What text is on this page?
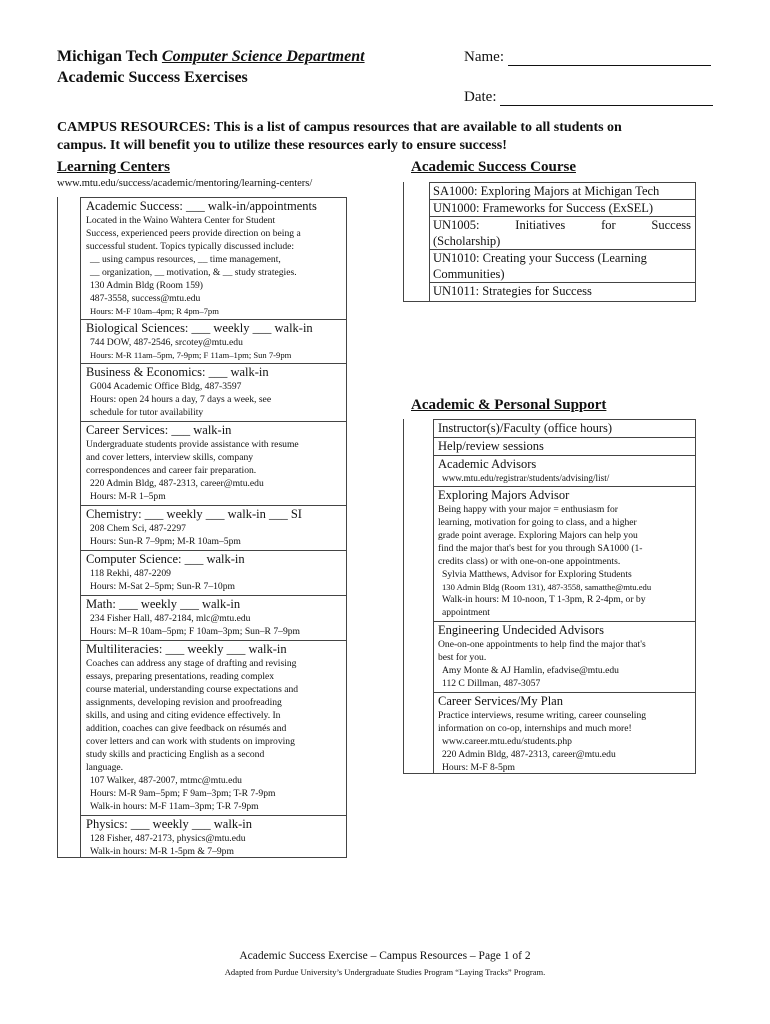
Michigan Tech Computer Science Department
Academic Success Exercises
Name:
Date:
CAMPUS RESOURCES: This is a list of campus resources that are available to all students on
campus. It will benefit you to utilize these resources early to ensure success!
Learning Centers
www.mtu.edu/success/academic/mentoring/learning-centers/
Academic Success: ___ walk-in/appointments
Located in the Waino Wahtera Center for Student
Success, experienced peers provide direction on being a
successful student. Topics typically discussed include:
__ using campus resources, __ time management,
__ organization, __ motivation, & __ study strategies.
130 Admin Bldg (Room 159)
487-3558, success@mtu.edu
Hours: M-F 10am–4pm; R 4pm–7pm
Biological Sciences: ___ weekly ___ walk-in
744 DOW, 487-2546, srcotey@mtu.edu
Hours: M-R 11am–5pm, 7-9pm; F 11am–1pm; Sun 7-9pm
Business & Economics: ___ walk-in
G004 Academic Office Bldg, 487-3597
Hours: open 24 hours a day, 7 days a week, see
schedule for tutor availability
Career Services: ___ walk-in
Undergraduate students provide assistance with resume
and cover letters, interview skills, company
correspondences and career fair preparation.
220 Admin Bldg, 487-2313, career@mtu.edu
Hours: M-R 1–5pm
Chemistry: ___ weekly ___ walk-in ___ SI
208 Chem Sci, 487-2297
Hours: Sun-R 7–9pm; M-R 10am–5pm
Computer Science: ___ walk-in
118 Rekhi, 487-2209
Hours: M-Sat 2–5pm; Sun-R 7–10pm
Math: ___ weekly ___ walk-in
234 Fisher Hall, 487-2184, mlc@mtu.edu
Hours: M–R 10am–5pm; F 10am–3pm; Sun–R 7–9pm
Multiliteracies: ___ weekly ___ walk-in
Coaches can address any stage of drafting and revising
essays, preparing presentations, reading complex
course material, understanding course expectations and
assignments, developing revision and proofreading
skills, and using and citing evidence effectively. In
addition, coaches can give feedback on résumés and
cover letters and can work with students on improving
study skills and practicing English as a second
language.
107 Walker, 487-2007, mtmc@mtu.edu
Hours: M-R 9am–5pm; F 9am–3pm; T-R 7-9pm
Walk-in hours: M-F 11am–3pm; T-R 7-9pm
Physics: ___ weekly ___ walk-in
128 Fisher, 487-2173, physics@mtu.edu
Walk-in hours: M-R 1-5pm & 7–9pm
Academic Success Course
SA1000: Exploring Majors at Michigan Tech
UN1000: Frameworks for Success (ExSEL)
UN1005: Initiatives for Success
(Scholarship)
UN1010: Creating your Success (Learning
Communities)
UN1011: Strategies for Success
Academic & Personal Support
Instructor(s)/Faculty (office hours)
Help/review sessions
Academic Advisors
www.mtu.edu/registrar/students/advising/list/
Exploring Majors Advisor
Being happy with your major = enthusiasm for
learning, motivation for going to class, and a higher
grade point average. Exploring Majors can help you
find the major that's best for you through SA1000 (1-
credits class) or with one-on-one appointments.
Sylvia Matthews, Advisor for Exploring Students
130 Admin Bldg (Room 131), 487-3558, samatthe@mtu.edu
Walk-in hours: M 10-noon, T 1-3pm, R 2-4pm, or by
appointment
Engineering Undecided Advisors
One-on-one appointments to help find the major that's
best for you.
Amy Monte & AJ Hamlin, efadvise@mtu.edu
112 C Dillman, 487-3057
Career Services/My Plan
Practice interviews, resume writing, career counseling
information on co-op, internships and much more!
www.career.mtu.edu/students.php
220 Admin Bldg, 487-2313, career@mtu.edu
Hours: M-F 8-5pm
Academic Success Exercise – Campus Resources – Page 1 of 2
Adapted from Purdue University’s Undergraduate Studies Program “Laying Tracks” Program.
